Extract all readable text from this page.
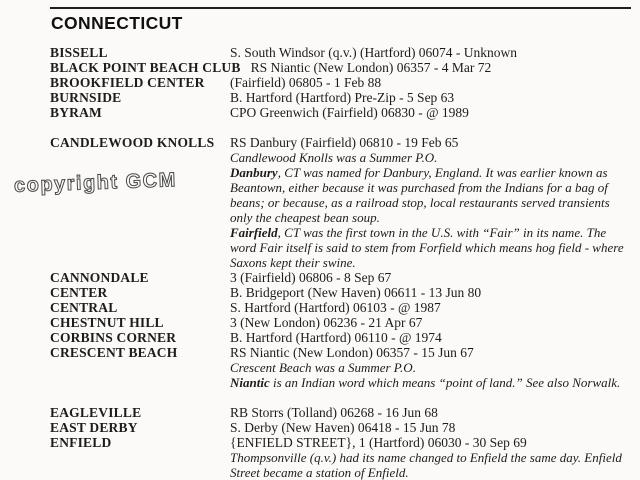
CONNECTICUT
BISSELL	S. South Windsor (q.v.) (Hartford) 06074 - Unknown
BLACK POINT BEACH CLUB RS Niantic (New London) 06357 - 4 Mar 72
BROOKFIELD CENTER	(Fairfield) 06805 - 1 Feb 88
BURNSIDE	B. Hartford (Hartford) Pre-Zip - 5 Sep 63
BYRAM	CPO Greenwich (Fairfield) 06830 - @ 1989
CANDLEWOOD KNOLLS	RS Danbury (Fairfield) 06810 - 19 Feb 65
Candlewood Knolls was a Summer P.O.
Danbury, CT was named for Danbury, England. It was earlier known as Beantown, either because it was purchased from the Indians for a bag of beans; or because, as a railroad stop, local restaurants served transients only the cheapest bean soup.
Fairfield, CT was the first town in the U.S. with “Fair” in its name. The word Fair itself is said to stem from Forfield which means hog field - where Saxons kept their swine.
CANNONDALE	3 (Fairfield) 06806 - 8 Sep 67
CENTER	B. Bridgeport (New Haven) 06611 - 13 Jun 80
CENTRAL	S. Hartford (Hartford) 06103 - @ 1987
CHESTNUT HILL	3 (New London) 06236 - 21 Apr 67
CORBINS CORNER	B. Hartford (Hartford) 06110 - @ 1974
CRESCENT BEACH	RS Niantic (New London) 06357 - 15 Jun 67
Crescent Beach was a Summer P.O.
Niantic is an Indian word which means “point of land.” See also Norwalk.
EAGLEVILLE	RB Storrs (Tolland) 06268 - 16 Jun 68
EAST DERBY	S. Derby (New Haven) 06418 - 15 Jun 78
ENFIELD	{ENFIELD STREET}, 1 (Hartford) 06030 - 30 Sep 69
Thompsonville (q.v.) had its name changed to Enfield the same day. Enfield Street became a station of Enfield.
copyright GCM
